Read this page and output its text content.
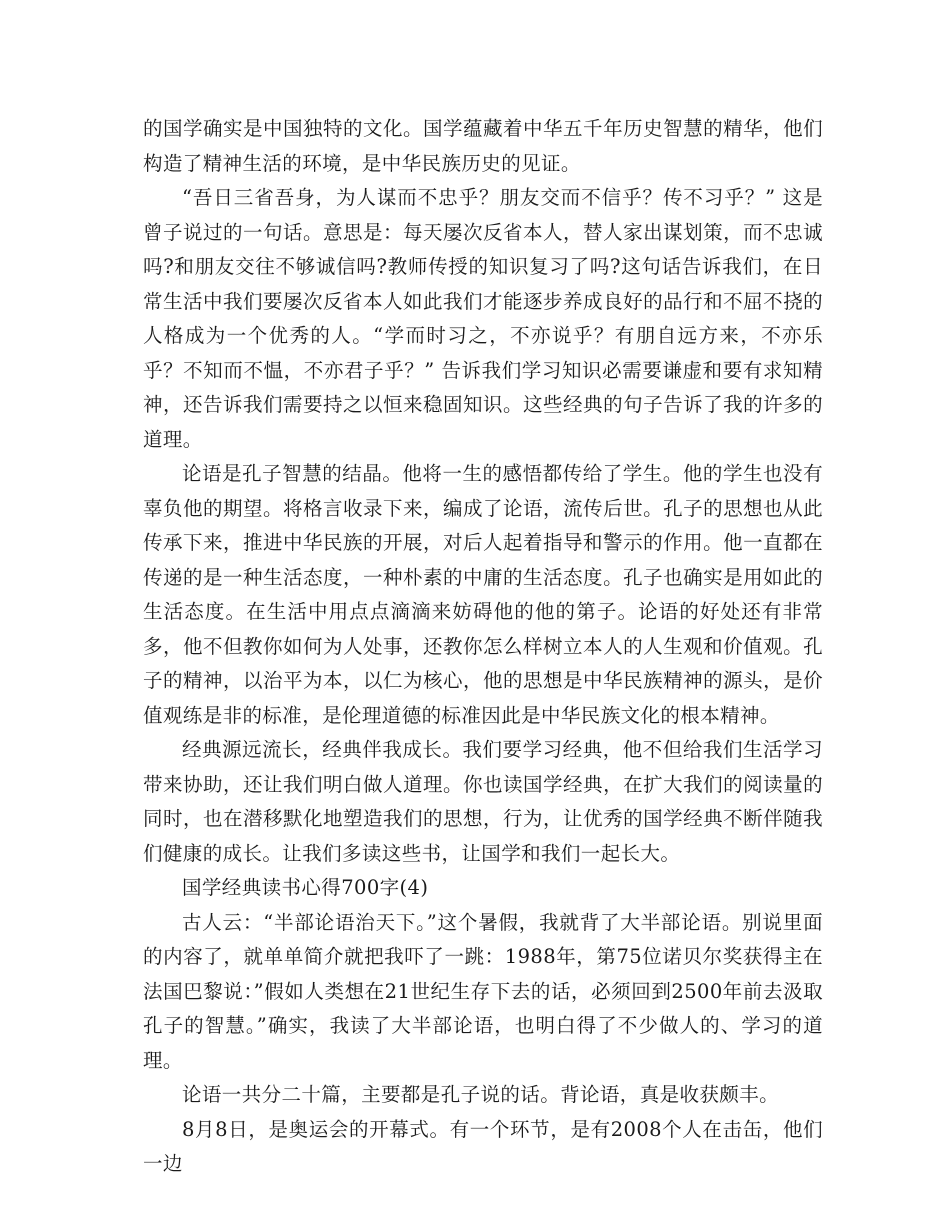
的国学确实是中国独特的文化。国学蕴藏着中华五千年历史智慧的精华，他们构造了精神生活的环境，是中华民族历史的见证。

“吾日三省吾身，为人谋而不忠乎？朋友交而不信乎？传不习乎？” 这是曾子说过的一句话。意思是：每天屡次反省本人，替人家出谋划策，而不忠诚吗?和朋友交往不够诚信吗?教师传授的知识复习了吗?这句话告诉我们，在日常生活中我们要屡次反省本人如此我们才能逐步养成良好的品行和不屈不挠的人格成为一个优秀的人。“学而时习之，不亦说乎？有朋自远方来，不亦乐乎？不知而不愠，不亦君子乎？” 告诉我们学习知识必需要谦虚和要有求知精神，还告诉我们需要持之以恒来稳固知识。这些经典的句子告诉了我的许多的道理。

论语是孔子智慧的结晶。他将一生的感悟都传给了学生。他的学生也没有辜负他的期望。将格言收录下来，编成了论语，流传后世。孔子的思想也从此传承下来，推进中华民族的开展，对后人起着指导和警示的作用。他一直都在传递的是一种生活态度，一种朴素的中庸的生活态度。孔子也确实是用如此的生活态度。在生活中用点点滴滴来妨碍他的他的第子。论语的好处还有非常多，他不但教你如何为人处事，还教你怎么样树立本人的人生观和价值观。孔子的精神，以治平为本，以仁为核心，他的思想是中华民族精神的源头，是价值观练是非的标准，是伦理道德的标准因此是中华民族文化的根本精神。

经典源远流长，经典伴我成长。我们要学习经典，他不但给我们生活学习带来协助，还让我们明白做人道理。你也读国学经典，在扩大我们的阅读量的同时，也在潜移默化地塑造我们的思想，行为，让优秀的国学经典不断伴随我们健康的成长。让我们多读这些书，让国学和我们一起长大。

国学经典读书心得700字(4)

古人云：“半部论语治天下。”这个暑假，我就背了大半部论语。别说里面的内容了，就单单简介就把我吓了一跳：1988年，第75位诺贝尔奖获得主在法国巴黎说：”假如人类想在21世纪生存下去的话，必须回到2500年前去汲取孔子的智慧。”确实，我读了大半部论语，也明白得了不少做人的、学习的道理。

论语一共分二十篇，主要都是孔子说的话。背论语，真是收获颇丰。

8月8日，是奥运会的开幕式。有一个环节，是有2008个人在击缶，他们一边
